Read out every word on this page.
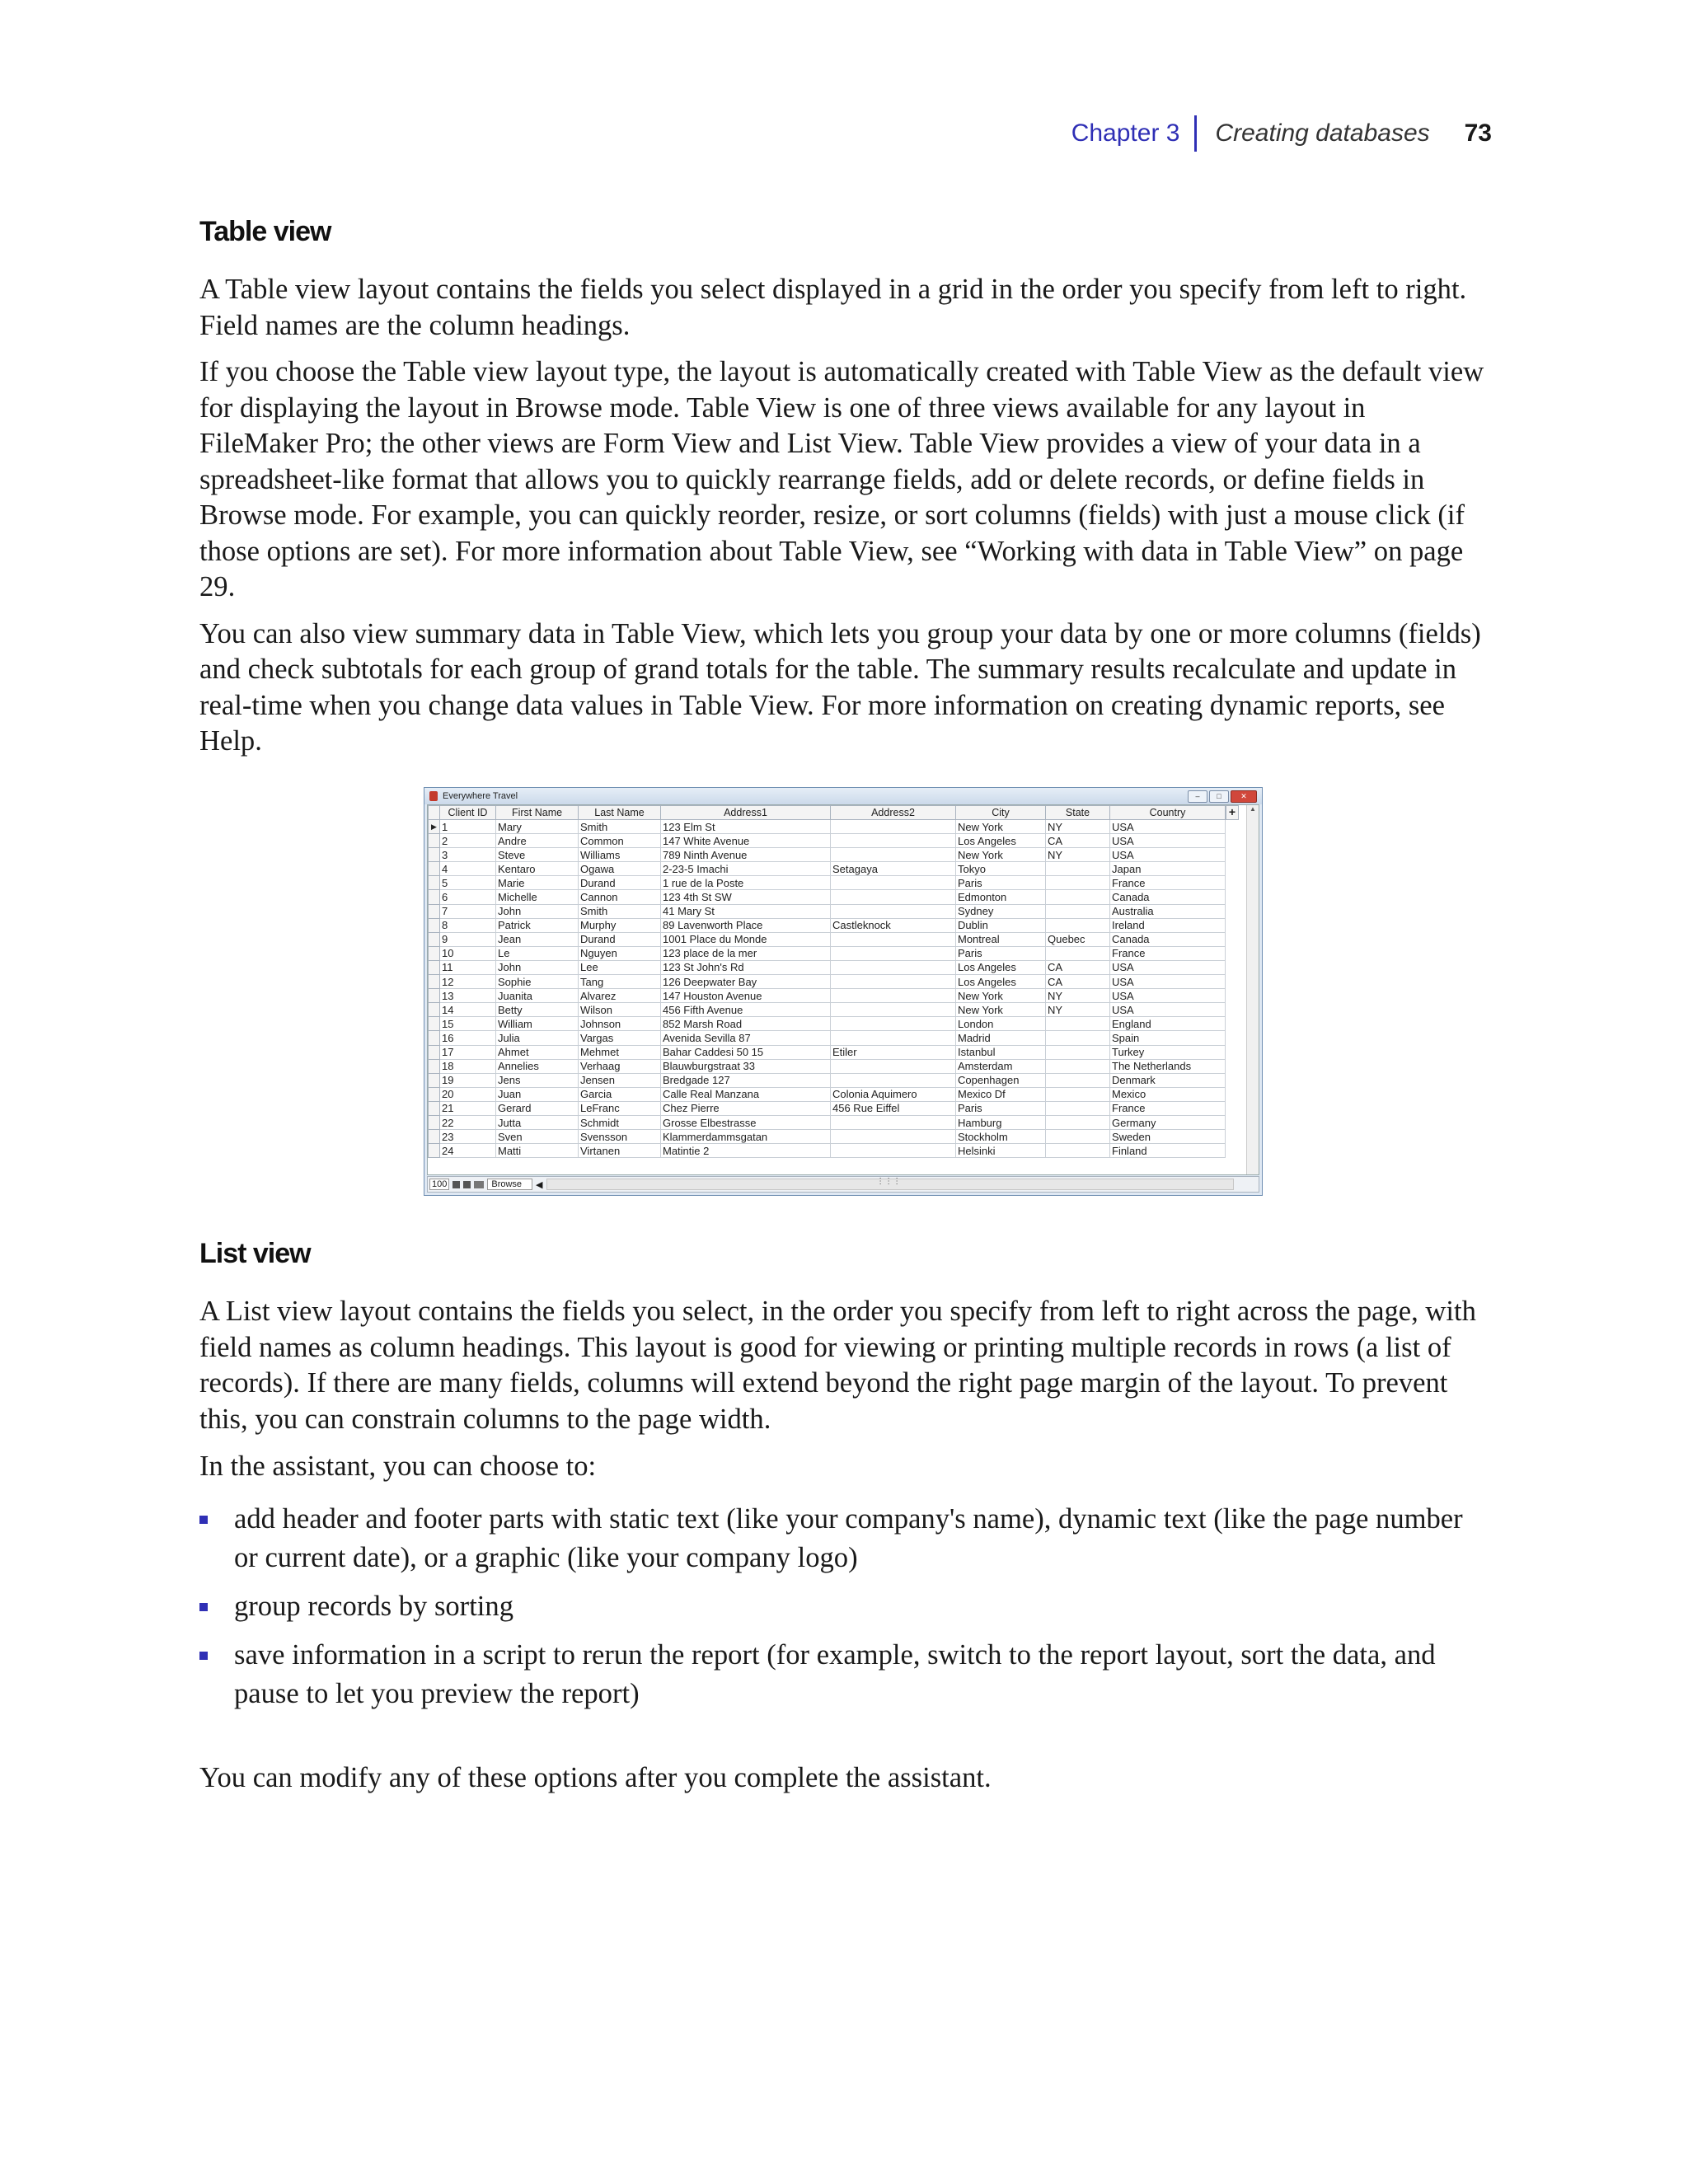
Chapter 3 Creating databases 73
Table view

A Table view layout contains the fields you select displayed in a grid in the order you specify from left to right. Field names are the column headings.

If you choose the Table view layout type, the layout is automatically created with Table View as the default view for displaying the layout in Browse mode. Table View is one of three views available for any layout in FileMaker Pro; the other views are Form View and List View. Table View provides a view of your data in a spreadsheet-like format that allows you to quickly rearrange fields, add or delete records, or define fields in Browse mode. For example, you can quickly reorder, resize, or sort columns (fields) with just a mouse click (if those options are set). For more information about Table View, see “Working with data in Table View” on page 29.

You can also view summary data in Table View, which lets you group your data by one or more columns (fields) and check subtotals for each group of grand totals for the table. The summary results recalculate and update in real-time when you change data values in Table View. For more information on creating dynamic reports, see Help.

Everywhere Travel	–	□	✕
	Client ID	First Name	Last Name	Address1	Address2	City	State	Country
▶	1	Mary	Smith	123 Elm St		New York	NY	USA
	2	Andre	Common	147 White Avenue		Los Angeles	CA	USA
	3	Steve	Williams	789 Ninth Avenue		New York	NY	USA
	4	Kentaro	Ogawa	2-23-5 Imachi	Setagaya	Tokyo		Japan
	5	Marie	Durand	1 rue de la Poste		Paris		France
	6	Michelle	Cannon	123 4th St SW		Edmonton		Canada
	7	John	Smith	41 Mary St		Sydney		Australia
	8	Patrick	Murphy	89 Lavenworth Place	Castleknock	Dublin		Ireland
	9	Jean	Durand	1001 Place du Monde		Montreal	Quebec	Canada
	10	Le	Nguyen	123 place de la mer		Paris		France
	11	John	Lee	123 St John's Rd		Los Angeles	CA	USA
	12	Sophie	Tang	126 Deepwater Bay		Los Angeles	CA	USA
	13	Juanita	Alvarez	147 Houston Avenue		New York	NY	USA
	14	Betty	Wilson	456 Fifth Avenue		New York	NY	USA
	15	William	Johnson	852 Marsh Road		London		England
	16	Julia	Vargas	Avenida Sevilla 87		Madrid		Spain
	17	Ahmet	Mehmet	Bahar Caddesi 50 15	Etiler	Istanbul		Turkey
	18	Annelies	Verhaag	Blauwburgstraat 33		Amsterdam		The Netherlands
	19	Jens	Jensen	Bredgade 127		Copenhagen		Denmark
	20	Juan	Garcia	Calle Real Manzana	Colonia Aquimero	Mexico Df		Mexico
	21	Gerard	LeFranc	Chez Pierre	456 Rue Eiffel	Paris		France
	22	Jutta	Schmidt	Grosse Elbestrasse		Hamburg		Germany
	23	Sven	Svensson	Klammerdammsgatan		Stockholm		Sweden
	24	Matti	Virtanen	Matintie 2		Helsinki		Finland
+	▲
100	Browse	◀	⋮⋮⋮
List view

A List view layout contains the fields you select, in the order you specify from left to right across the page, with field names as column headings. This layout is good for viewing or printing multiple records in rows (a list of records). If there are many fields, columns will extend beyond the right page margin of the layout. To prevent this, you can constrain columns to the page width.

In the assistant, you can choose to:

add header and footer parts with static text (like your company's name), dynamic text (like the page number or current date), or a graphic (like your company logo)
group records by sorting
save information in a script to rerun the report (for example, switch to the report layout, sort the data, and pause to let you preview the report)

You can modify any of these options after you complete the assistant.
